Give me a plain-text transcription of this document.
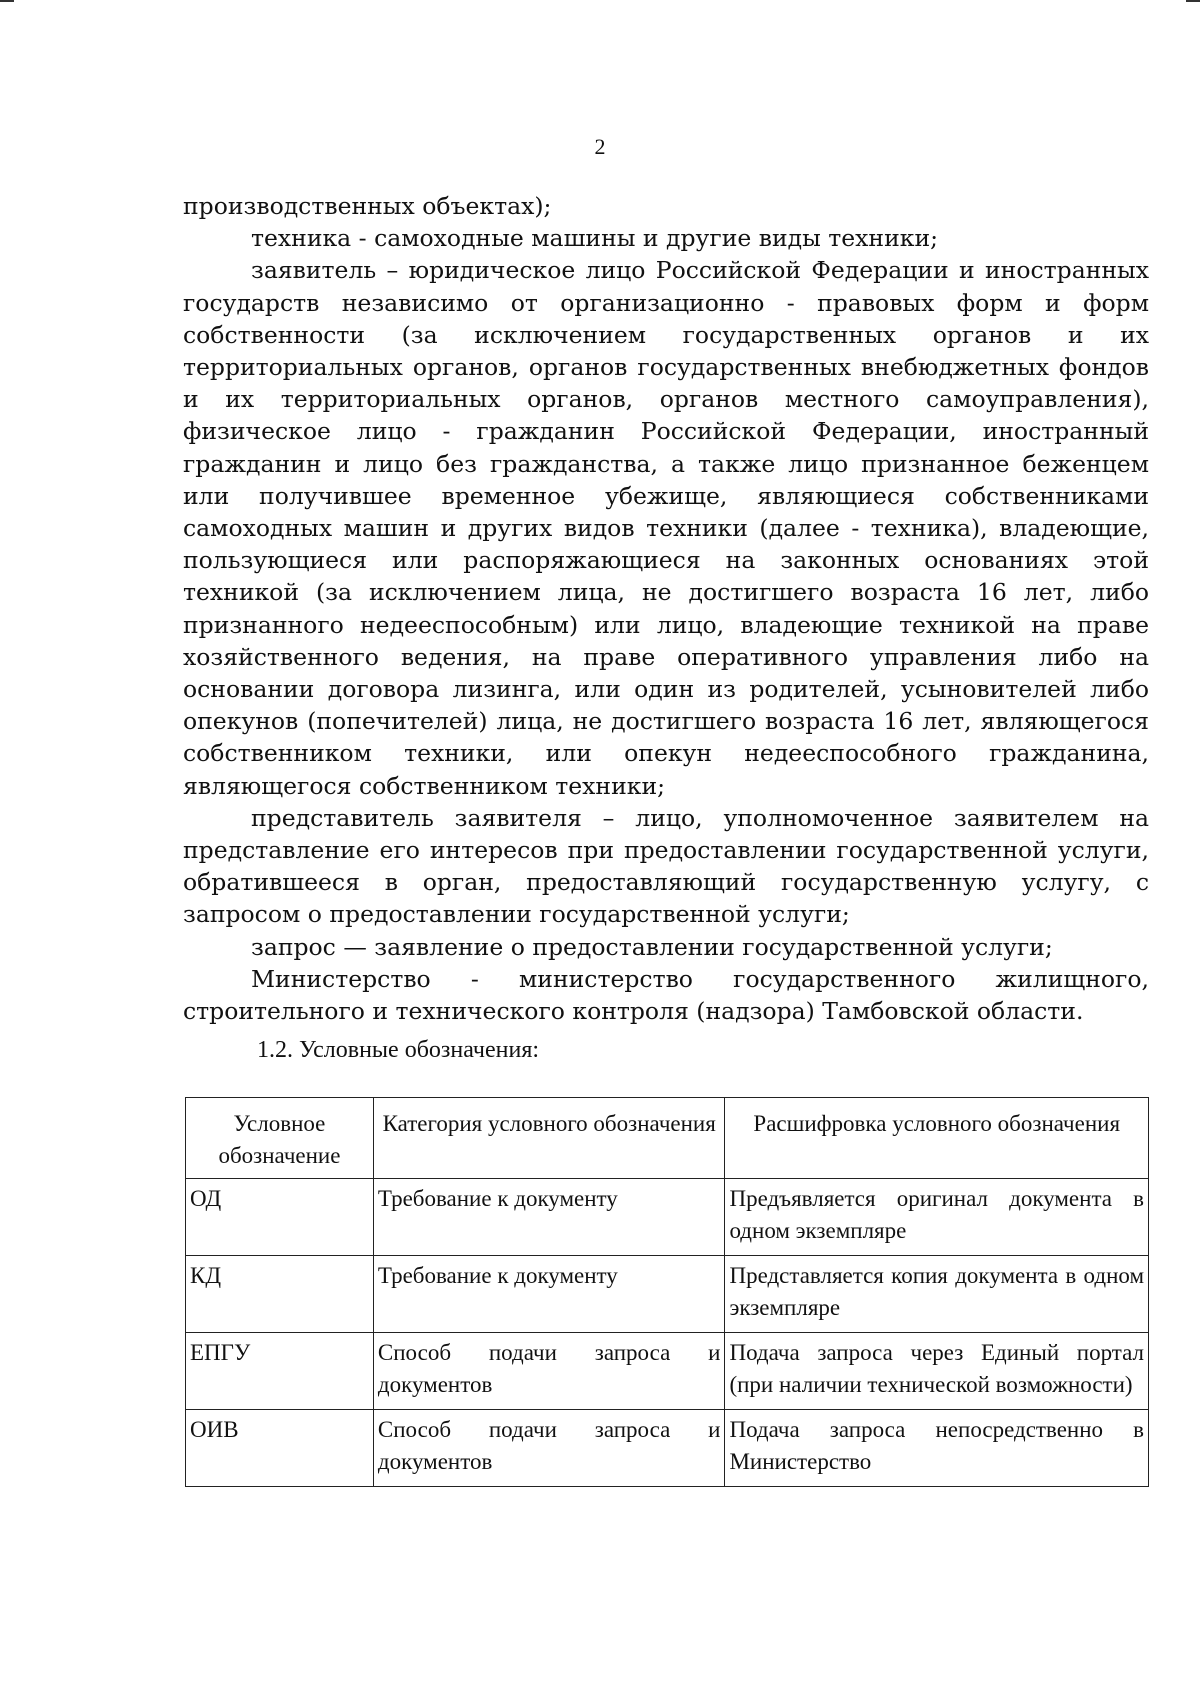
2

производственных объектах);

техника - самоходные машины и другие виды техники;

заявитель – юридическое лицо Российской Федерации и иностранных государств независимо от организационно - правовых форм и форм собственности (за исключением государственных органов и их территориальных органов, органов государственных внебюджетных фондов и их территориальных органов, органов местного самоуправления), физическое лицо - гражданин Российской Федерации, иностранный гражданин и лицо без гражданства, а также лицо признанное беженцем или получившее временное убежище, являющиеся собственниками самоходных машин и других видов техники (далее - техника), владеющие, пользующиеся или распоряжающиеся на законных основаниях этой техникой (за исключением лица, не достигшего возраста 16 лет, либо признанного недееспособным) или лицо, владеющие техникой на праве хозяйственного ведения, на праве оперативного управления либо на основании договора лизинга, или один из родителей, усыновителей либо опекунов (попечителей) лица, не достигшего возраста 16 лет, являющегося собственником техники, или опекун недееспособного гражданина, являющегося собственником техники;

представитель заявителя – лицо, уполномоченное заявителем на представление его интересов при предоставлении государственной услуги, обратившееся в орган, предоставляющий государственную услугу, с запросом о предоставлении государственной услуги;

запрос — заявление о предоставлении государственной услуги;

Министерство - министерство государственного жилищного, строительного и технического контроля (надзора) Тамбовской области.

1.2. Условные обозначения:
Условное обозначение	Категория условного обозначения	Расшифровка условного обозначения
ОД	Требование к документу	Предъявляется оригинал документа в одном экземпляре
КД	Требование к документу	Представляется копия документа в одном экземпляре
ЕПГУ	Способ подачи запроса и документов	Подача запроса через Единый портал (при наличии технической возможности)
ОИВ	Способ подачи запроса и документов	Подача запроса непосредственно в Министерство
